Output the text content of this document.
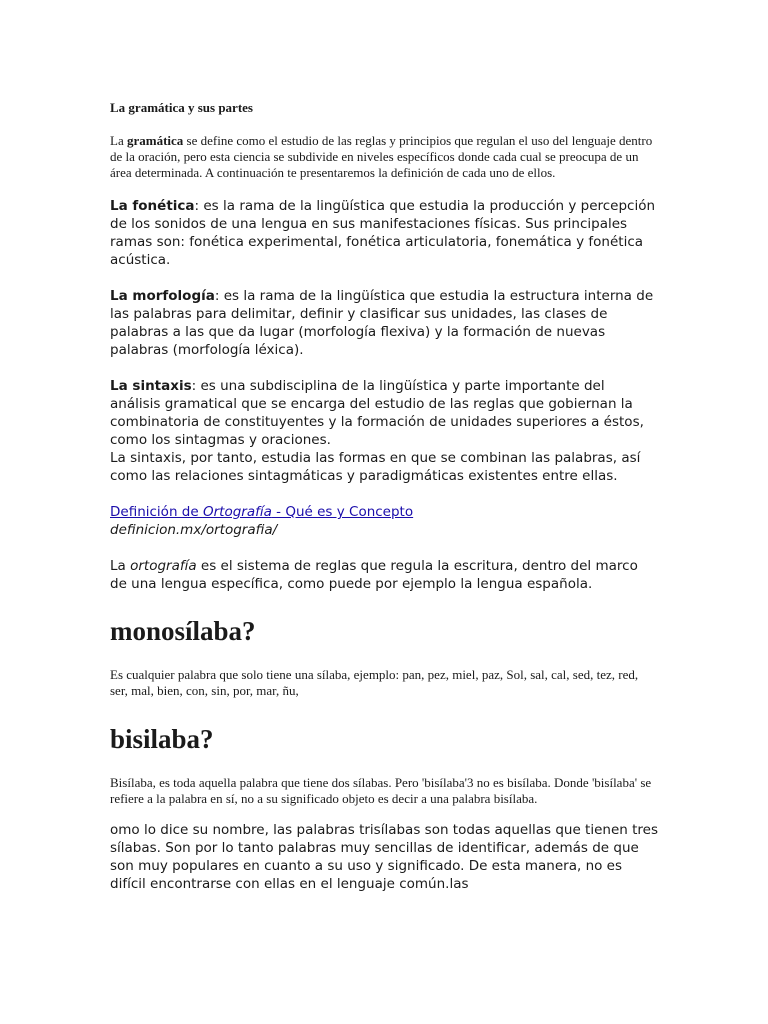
La gramática y sus partes

La gramática se define como el estudio de las reglas y principios que regulan el uso del lenguaje dentro de la oración, pero esta ciencia se subdivide en niveles específicos donde cada cual se preocupa de un área determinada. A continuación te presentaremos la definición de cada uno de ellos.

La fonética: es la rama de la lingüística que estudia la producción y percepción de los sonidos de una lengua en sus manifestaciones físicas. Sus principales ramas son: fonética experimental, fonética articulatoria, fonemática y fonética acústica.

La morfología: es la rama de la lingüística que estudia la estructura interna de las palabras para delimitar, definir y clasificar sus unidades, las clases de palabras a las que da lugar (morfología flexiva) y la formación de nuevas palabras (morfología léxica).

La sintaxis: es una subdisciplina de la lingüística y parte importante del análisis gramatical que se encarga del estudio de las reglas que gobiernan la combinatoria de constituyentes y la formación de unidades superiores a éstos, como los sintagmas y oraciones.

La sintaxis, por tanto, estudia las formas en que se combinan las palabras, así como las relaciones sintagmáticas y paradigmáticas existentes entre ellas.

Definición de Ortografía - Qué es y Concepto
definicion.mx/ortografia/

La ortografía es el sistema de reglas que regula la escritura, dentro del marco de una lengua específica, como puede por ejemplo la lengua española.

monosílaba?

Es cualquier palabra que solo tiene una sílaba, ejemplo: pan, pez, miel, paz, Sol, sal, cal, sed, tez, red, ser, mal, bien, con, sin, por, mar, ñu,

bisilaba?

Bisílaba, es toda aquella palabra que tiene dos sílabas. Pero 'bisílaba'3 no es bisílaba. Donde 'bisílaba' se refiere a la palabra en sí, no a su significado objeto es decir a una palabra bisílaba.

omo lo dice su nombre, las palabras trisílabas son todas aquellas que tienen tres sílabas. Son por lo tanto palabras muy sencillas de identificar, además de que son muy populares en cuanto a su uso y significado. De esta manera, no es difícil encontrarse con ellas en el lenguaje común.las
